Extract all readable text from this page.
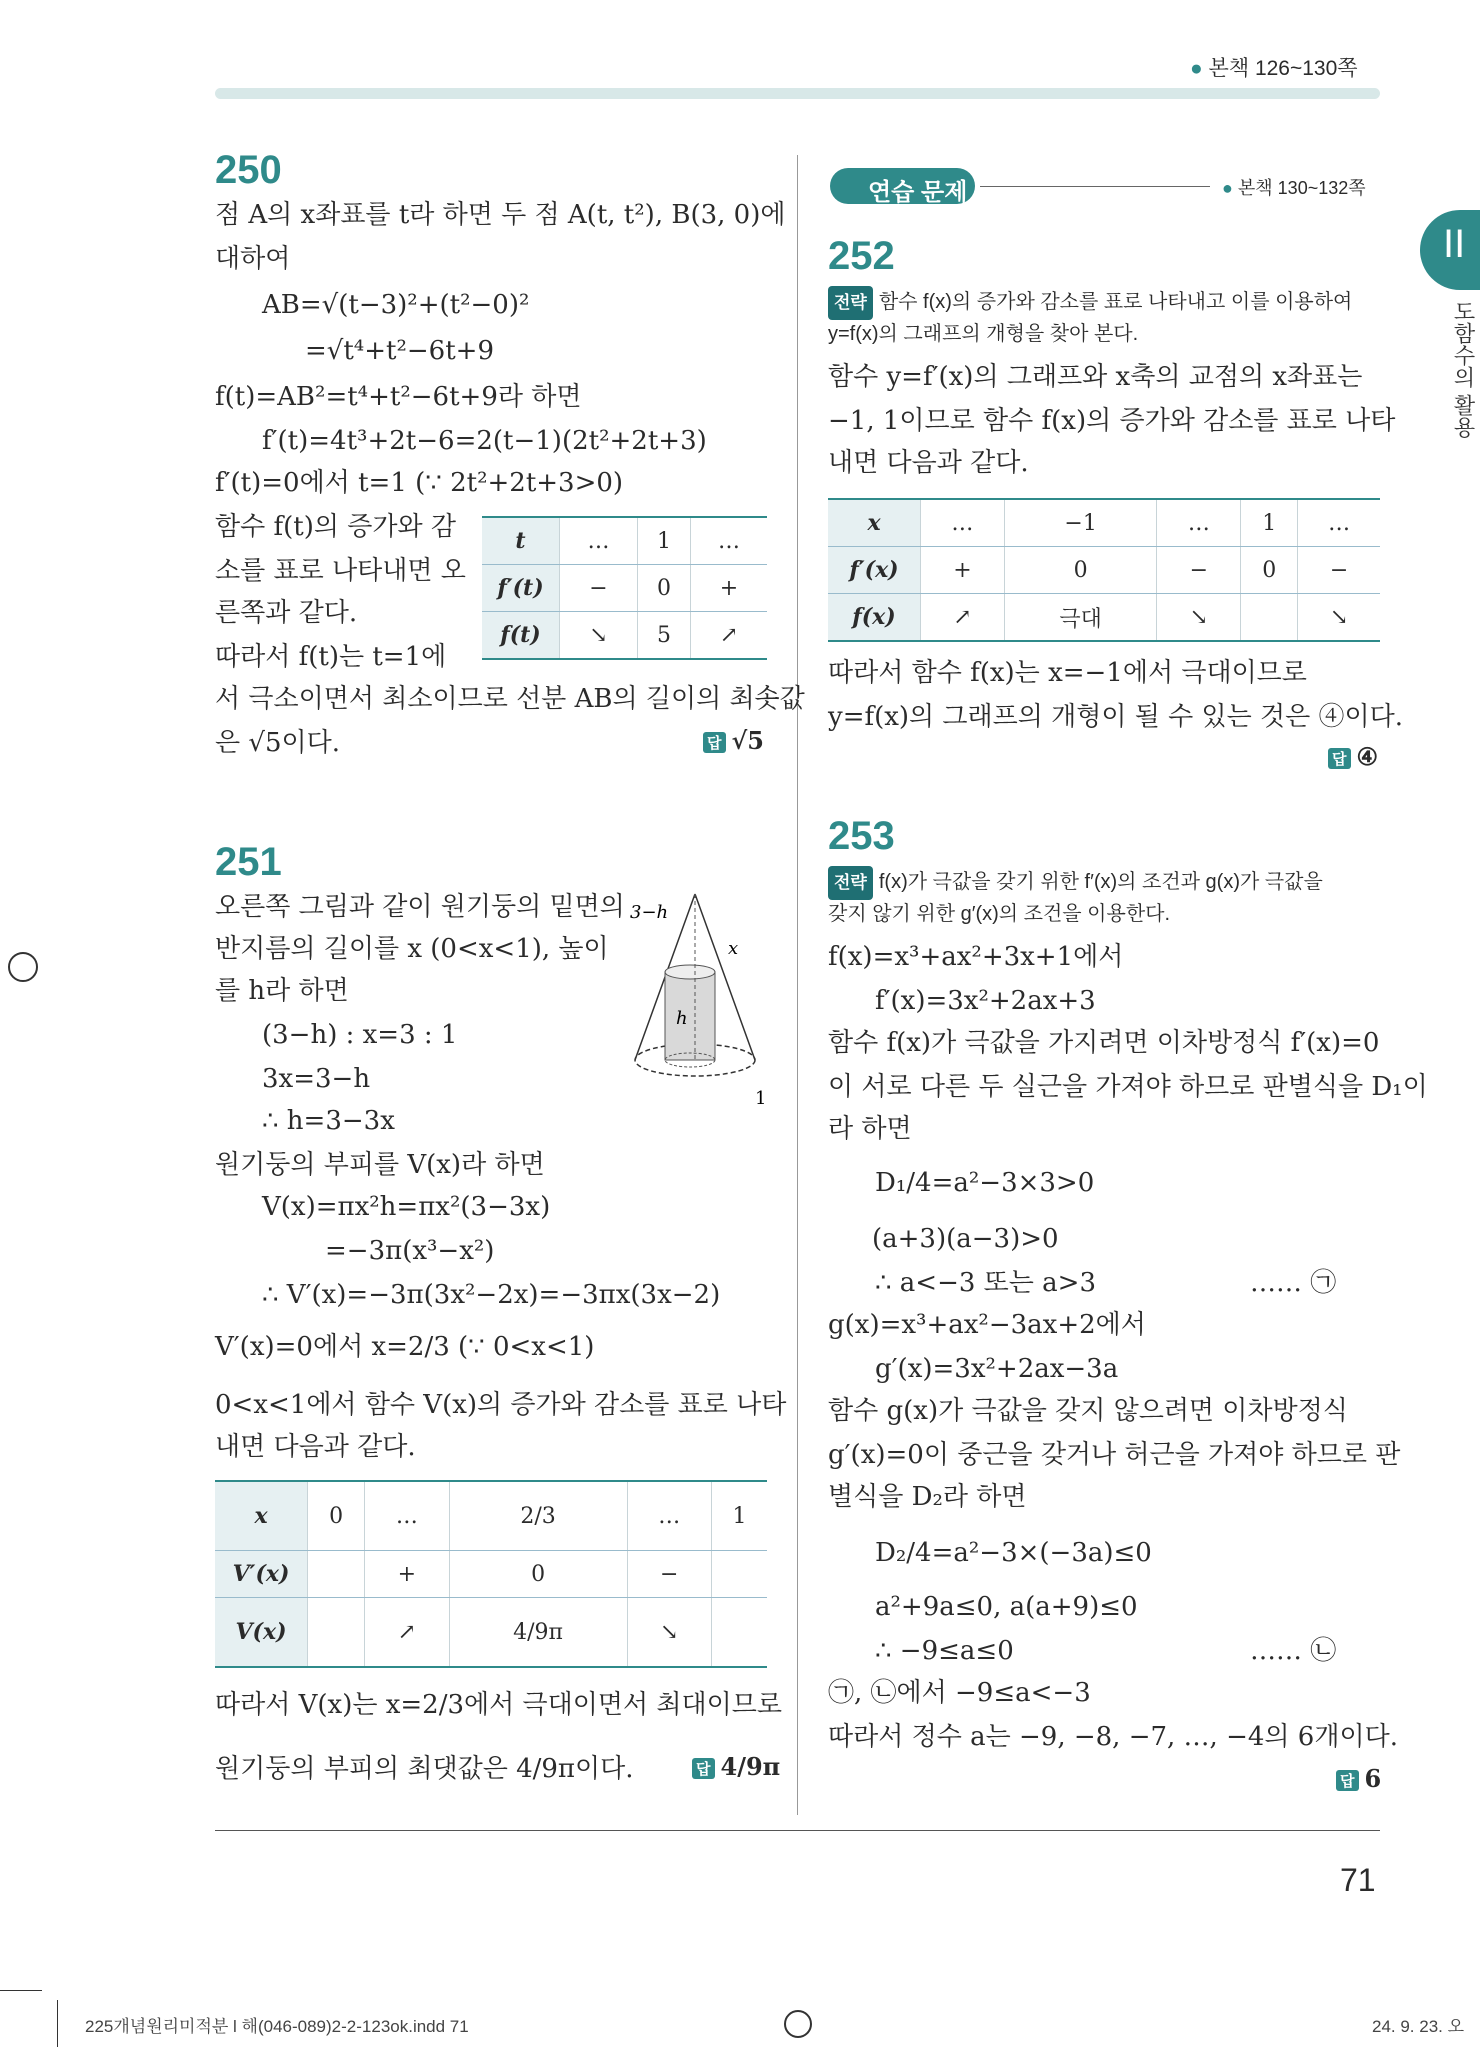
● 본책 126~130쪽
II
도함수의 활용
250
점 A의 x좌표를 t라 하면 두 점 A(t, t²), B(3, 0)에
대하여
AB=√(t−3)²+(t²−0)²
=√t⁴+t²−6t+9
f(t)=AB²=t⁴+t²−6t+9라 하면
f′(t)=4t³+2t−6=2(t−1)(2t²+2t+3)
f′(t)=0에서 t=1 (∵ 2t²+2t+3>0)
함수 f(t)의 증가와 감
소를 표로 나타내면 오
른쪽과 같다.
따라서 f(t)는 t=1에
서 극소이면서 최소이므로 선분 AB의 길이의 최솟값
은 √5이다.
t	…	1	…
f′(t)	−	0	+
f(t)	↘	5	↗
답 √5
251
오른쪽 그림과 같이 원기둥의 밑면의
반지름의 길이를 x (0<x<1), 높이
를 h라 하면
(3−h) : x=3 : 1
3x=3−h
∴ h=3−3x
원기둥의 부피를 V(x)라 하면
V(x)=πx²h=πx²(3−3x)
=−3π(x³−x²)
∴ V′(x)=−3π(3x²−2x)=−3πx(3x−2)
V′(x)=0에서 x=2/3 (∵ 0<x<1)
0<x<1에서 함수 V(x)의 증가와 감소를 표로 나타
내면 다음과 같다.
3−h
x
h
1
x	0	…	2/3	…	1
V′(x)		+	0	−	
V(x)		↗	4/9π	↘	
따라서 V(x)는 x=2/3에서 극대이면서 최대이므로
원기둥의 부피의 최댓값은 4/9π이다.	답 4/9π
연습 문제	● 본책 130~132쪽
252
전략 함수 f(x)의 증가와 감소를 표로 나타내고 이를 이용하여
y=f(x)의 그래프의 개형을 찾아 본다.
함수 y=f′(x)의 그래프와 x축의 교점의 x좌표는
−1, 1이므로 함수 f(x)의 증가와 감소를 표로 나타
내면 다음과 같다.
x	…	−1	…	1	…
f′(x)	+	0	−	0	−
f(x)	↗	극대	↘		↘
따라서 함수 f(x)는 x=−1에서 극대이므로
y=f(x)의 그래프의 개형이 될 수 있는 것은 ④이다.
답 ④
253
전략 f(x)가 극값을 갖기 위한 f′(x)의 조건과 g(x)가 극값을
갖지 않기 위한 g′(x)의 조건을 이용한다.
f(x)=x³+ax²+3x+1에서
f′(x)=3x²+2ax+3
함수 f(x)가 극값을 가지려면 이차방정식 f′(x)=0
이 서로 다른 두 실근을 가져야 하므로 판별식을 D₁이
라 하면
D₁/4=a²−3×3>0
(a+3)(a−3)>0
∴ a<−3 또는 a>3	…… ㉠
g(x)=x³+ax²−3ax+2에서
g′(x)=3x²+2ax−3a
함수 g(x)가 극값을 갖지 않으려면 이차방정식
g′(x)=0이 중근을 갖거나 허근을 가져야 하므로 판
별식을 D₂라 하면
D₂/4=a²−3×(−3a)≤0
a²+9a≤0, a(a+9)≤0
∴ −9≤a≤0	…… ㉡
㉠, ㉡에서 −9≤a<−3
따라서 정수 a는 −9, −8, −7, …, −4의 6개이다.
답 6
71
225개념원리미적분 l 해(046-089)2-2-123ok.indd 71	24. 9. 23. 오
